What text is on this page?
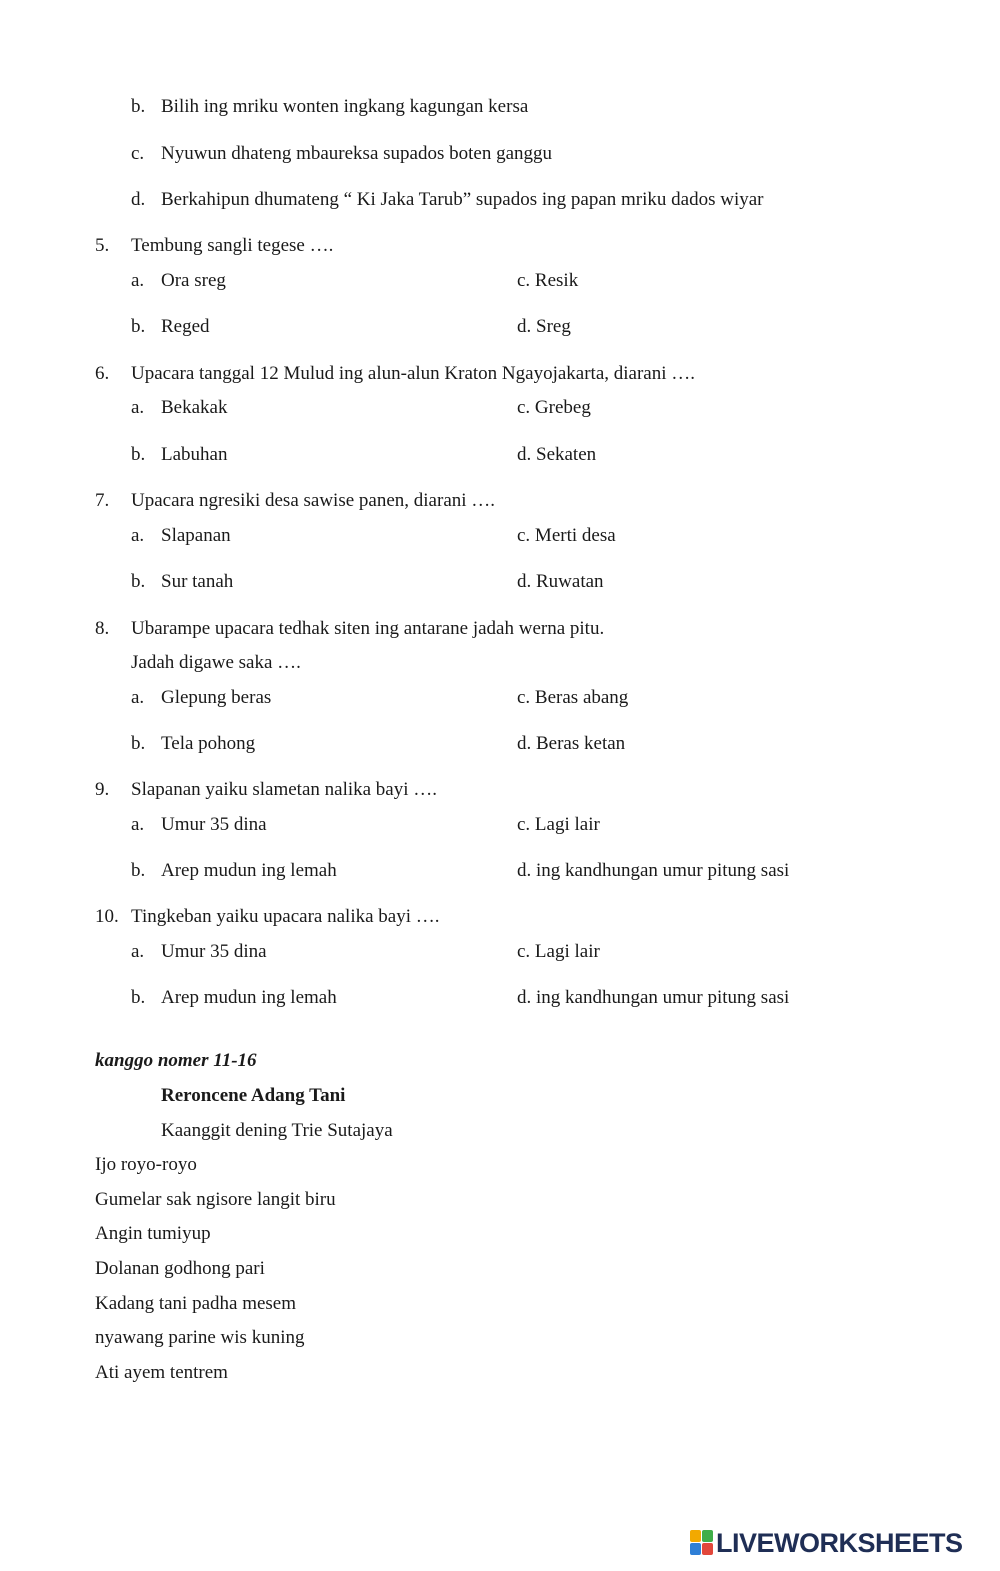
b. Bilih ing mriku wonten ingkang kagungan kersa
c. Nyuwun dhateng mbaureksa supados boten ganggu
d. Berkahipun dhumateng “ Ki Jaka Tarub” supados ing papan mriku dados wiyar
5. Tembung sangli tegese ….
a. Ora sreg	c. Resik
b. Reged	d. Sreg
6. Upacara tanggal 12 Mulud ing alun-alun Kraton Ngayojakarta, diarani ….
a. Bekakak	c. Grebeg
b. Labuhan	d. Sekaten
7. Upacara ngresiki desa sawise panen, diarani ….
a. Slapanan	c. Merti desa
b. Sur tanah	d. Ruwatan
8. Ubarampe upacara tedhak siten ing antarane jadah werna pitu.
Jadah digawe saka ….
a. Glepung beras	c. Beras abang
b. Tela pohong	d. Beras ketan
9. Slapanan yaiku slametan nalika bayi ….
a. Umur 35 dina	c. Lagi lair
b. Arep mudun ing lemah	d. ing kandhungan umur pitung sasi
10. Tingkeban yaiku upacara nalika bayi ….
a. Umur 35 dina	c. Lagi lair
b. Arep mudun ing lemah	d. ing kandhungan umur pitung sasi
kanggo nomer 11-16
Reroncene Adang Tani
Kaanggit dening Trie Sutajaya
Ijo royo-royo
Gumelar sak ngisore langit biru
Angin tumiyup
Dolanan godhong pari
Kadang tani padha mesem
nyawang parine wis kuning
Ati ayem tentrem
LIVEWORKSHEETS
